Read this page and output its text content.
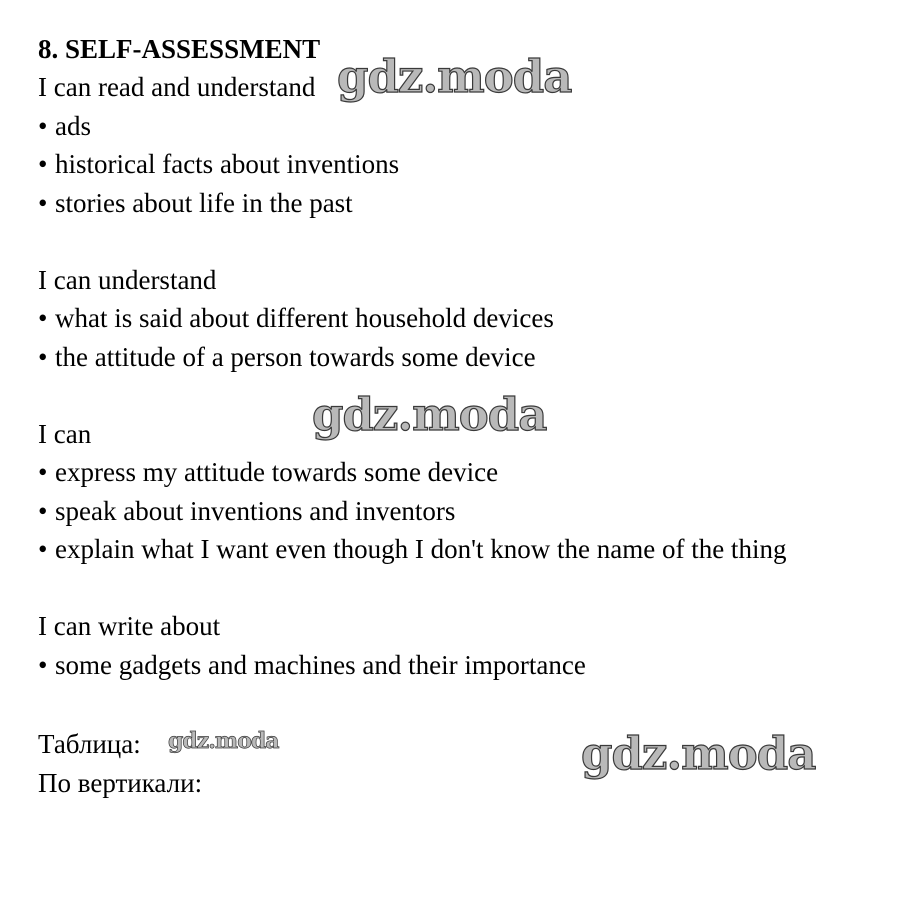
8. SELF-ASSESSMENT

I can read and understand

• ads

• historical facts about inventions

• stories about life in the past

I can understand

• what is said about different household devices

• the attitude of a person towards some device

I can

• express my attitude towards some device

• speak about inventions and inventors

• explain what I want even though I don't know the name of the thing

I can write about

• some gadgets and machines and their importance

Таблица:

По вертикали:

gdz.moda
gdz.moda
gdz.moda	gdz.moda
